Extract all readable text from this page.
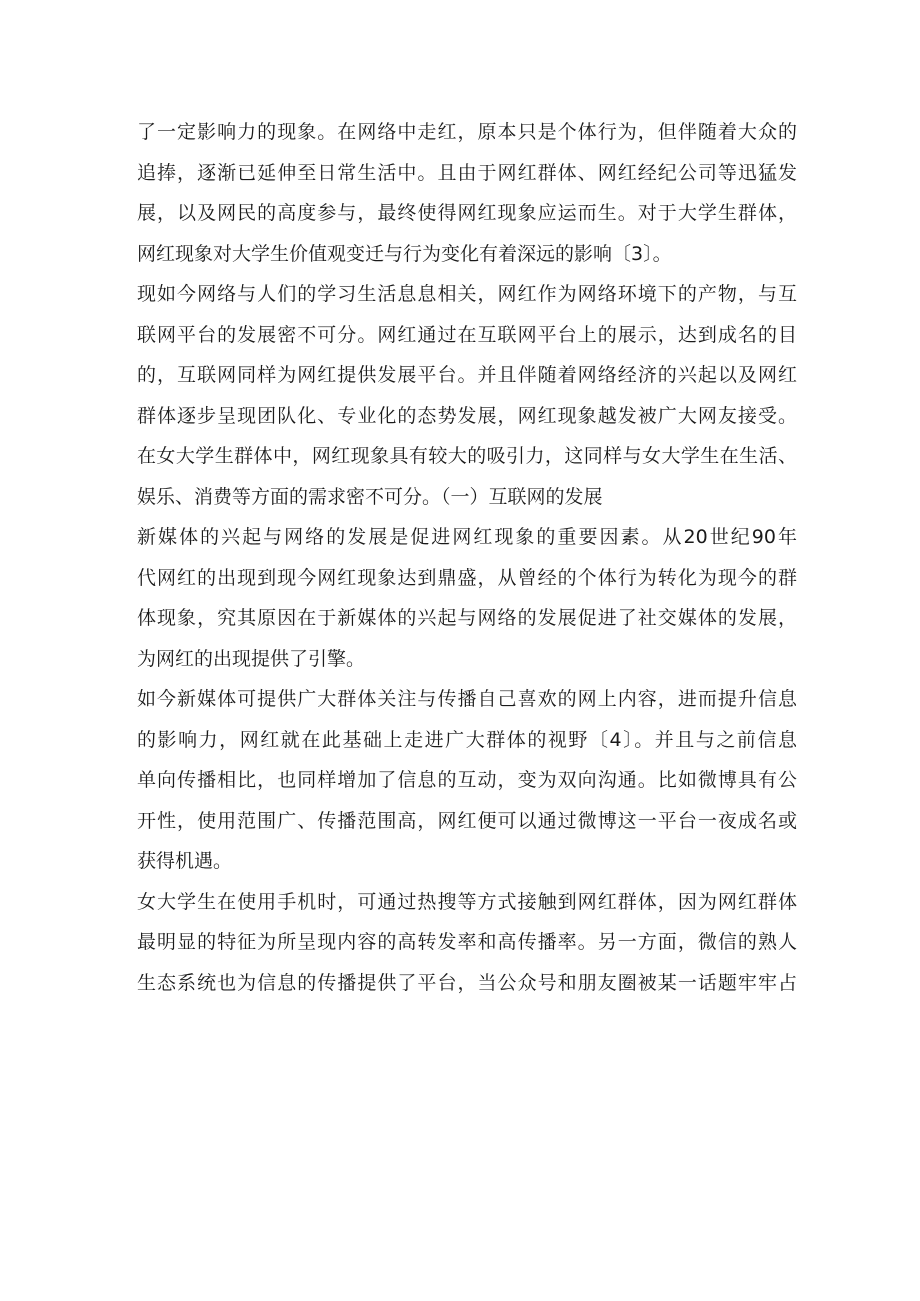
了一定影响力的现象。在网络中走红，原本只是个体行为，但伴随着大众的
追捧，逐渐已延伸至日常生活中。且由于网红群体、网红经纪公司等迅猛发
展，以及网民的高度参与，最终使得网红现象应运而生。对于大学生群体，
网红现象对大学生价值观变迁与行为变化有着深远的影响〔3〕。
现如今网络与人们的学习生活息息相关，网红作为网络环境下的产物，与互
联网平台的发展密不可分。网红通过在互联网平台上的展示，达到成名的目
的，互联网同样为网红提供发展平台。并且伴随着网络经济的兴起以及网红
群体逐步呈现团队化、专业化的态势发展，网红现象越发被广大网友接受。
在女大学生群体中，网红现象具有较大的吸引力，这同样与女大学生在生活、
娱乐、消费等方面的需求密不可分。（一）互联网的发展
新媒体的兴起与网络的发展是促进网红现象的重要因素。从20世纪90年
代网红的出现到现今网红现象达到鼎盛，从曾经的个体行为转化为现今的群
体现象，究其原因在于新媒体的兴起与网络的发展促进了社交媒体的发展，
为网红的出现提供了引擎。
如今新媒体可提供广大群体关注与传播自己喜欢的网上内容，进而提升信息
的影响力，网红就在此基础上走进广大群体的视野〔4〕。并且与之前信息
单向传播相比，也同样增加了信息的互动，变为双向沟通。比如微博具有公
开性，使用范围广、传播范围高，网红便可以通过微博这一平台一夜成名或
获得机遇。
女大学生在使用手机时，可通过热搜等方式接触到网红群体，因为网红群体
最明显的特征为所呈现内容的高转发率和高传播率。另一方面，微信的熟人
生态系统也为信息的传播提供了平台，当公众号和朋友圈被某一话题牢牢占
